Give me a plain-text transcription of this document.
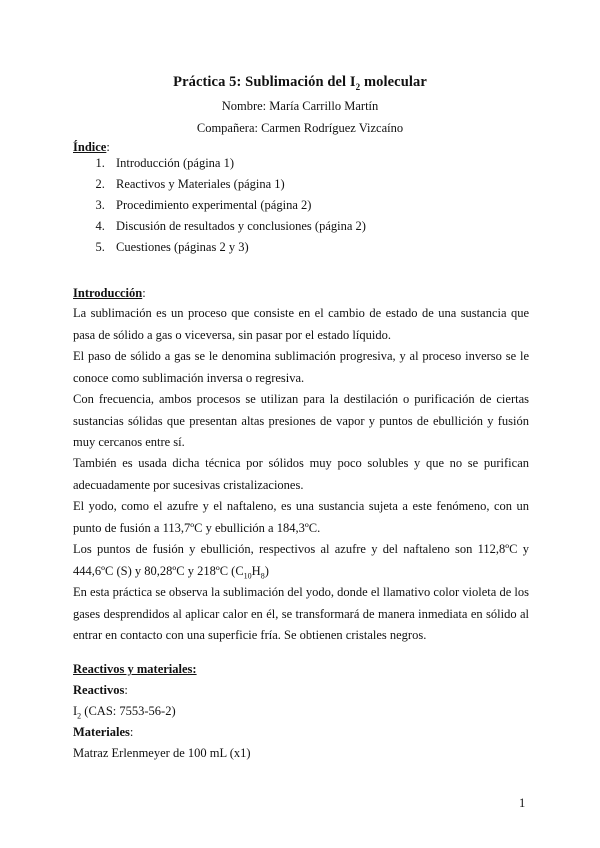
Práctica 5: Sublimación del $I_2$ molecular
Nombre: María Carrillo Martín
Compañera: Carmen Rodríguez Vizcaíno
Índice:
1. Introducción (página 1)
2. Reactivos y Materiales (página 1)
3. Procedimiento experimental (página 2)
4. Discusión de resultados y conclusiones (página 2)
5. Cuestiones (páginas 2 y 3)
Introducción:
La sublimación es un proceso que consiste en el cambio de estado de una sustancia que pasa de sólido a gas o viceversa, sin pasar por el estado líquido.
El paso de sólido a gas se le denomina sublimación progresiva, y al proceso inverso se le conoce como sublimación inversa o regresiva.
Con frecuencia, ambos procesos se utilizan para la destilación o purificación de ciertas sustancias sólidas que presentan altas presiones de vapor y puntos de ebullición y fusión muy cercanos entre sí.
También es usada dicha técnica por sólidos muy poco solubles y que no se purifican adecuadamente por sucesivas cristalizaciones.
El yodo, como el azufre y el naftaleno, es una sustancia sujeta a este fenómeno, con un punto de fusión a 113,7ºC y ebullición a 184,3ºC.
Los puntos de fusión y ebullición, respectivos al azufre y del naftaleno son 112,8ºC y 444,6ºC (S) y 80,28ºC y 218ºC $(C_{10}H_8)$
En esta práctica se observa la sublimación del yodo, donde el llamativo color violeta de los gases desprendidos al aplicar calor en él, se transformará de manera inmediata en sólido al entrar en contacto con una superficie fría. Se obtienen cristales negros.
Reactivos y materiales:
Reactivos:
$I_2$ (CAS: 7553-56-2)
Materiales:
Matraz Erlenmeyer de 100 mL (x1)
1
